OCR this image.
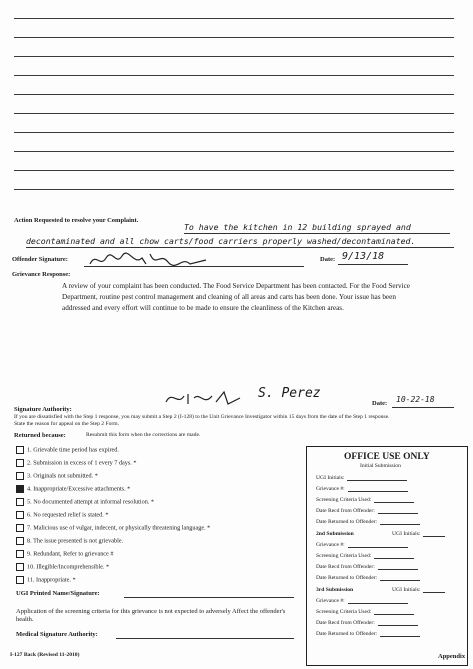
Action Requested to resolve your Complaint.
To have the kitchen in 12 building sprayed and
decontaminated and all chow carts/food carriers properly washed/decontaminated.
Offender Signature:	Date: 9/13/18
Grievance Response:
A review of your complaint has been conducted. The Food Service Department has been contacted. For the Food Service Department, routine pest control management and cleaning of all areas and carts has been done. Your issue has been addressed and every effort will continue to be made to ensure the cleanliness of the Kitchen areas.
S. Perez
Date: 10-22-18
Signature Authority:
If you are dissatisfied with the Step 1 response, you may submit a Step 2 (I-128) to the Unit Grievance Investigator within 15 days from the date of the Step 1 response.
State the reason for appeal on the Step 2 Form.
Returned because:	Resubmit this form when the corrections are made.
1. Grievable time period has expired.
2. Submission in excess of 1 every 7 days. *
3. Originals not submitted. *
4. Inappropriate/Excessive attachments. *
5. No documented attempt at informal resolution. *
6. No requested relief is stated. *
7. Malicious use of vulgar, indecent, or physically threatening language. *
8. The issue presented is not grievable.
9. Redundant, Refer to grievance #
10. Illegible/Incomprehensible. *
11. Inappropriate. *
OFFICE USE ONLY
Initial Submission
UGI Initials:
Grievance #:
Screening Criteria Used:
Date Recd from Offender:
Date Returned to Offender:
2nd Submission	UGI Initials:
Grievance #:
Screening Criteria Used:
Date Recd from Offender:
Date Returned to Offender:
3rd Submission	UGI Initials:
Grievance #:
Screening Criteria Used:
Date Recd from Offender:
Date Returned to Offender:
UGI Printed Name/Signature:
Application of the screening criteria for this grievance is not expected to adversely Affect the offender's health.
Medical Signature Authority:
I-127 Back (Revised 11-2010)	Appendix
